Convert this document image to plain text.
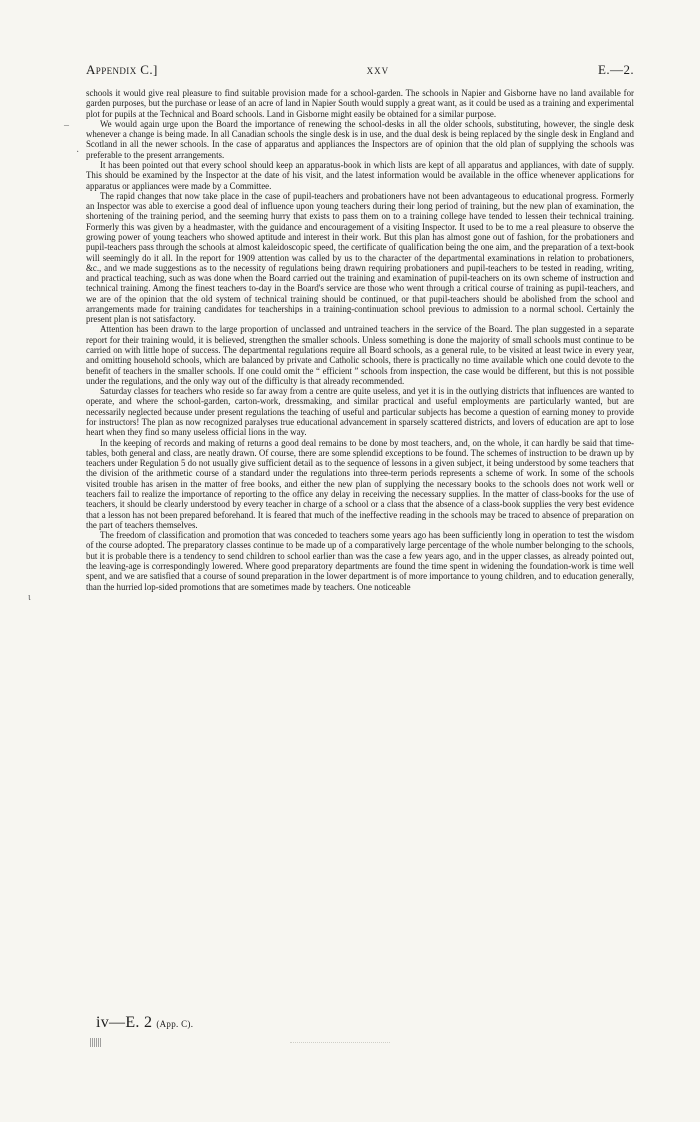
–
·
ι
Appendix C.]	xxv	E.—2.

schools it would give real pleasure to find suitable provision made for a school-garden. The schools in Napier and Gisborne have no land available for garden purposes, but the purchase or lease of an acre of land in Napier South would supply a great want, as it could be used as a training and experimental plot for pupils at the Technical and Board schools. Land in Gisborne might easily be obtained for a similar purpose.

We would again urge upon the Board the importance of renewing the school-desks in all the older schools, substituting, however, the single desk whenever a change is being made. In all Canadian schools the single desk is in use, and the dual desk is being replaced by the single desk in England and Scotland in all the newer schools. In the case of apparatus and appliances the Inspectors are of opinion that the old plan of supplying the schools was preferable to the present arrangements.

It has been pointed out that every school should keep an apparatus-book in which lists are kept of all apparatus and appliances, with date of supply. This should be examined by the Inspector at the date of his visit, and the latest information would be available in the office whenever applications for apparatus or appliances were made by a Committee.

The rapid changes that now take place in the case of pupil-teachers and probationers have not been advantageous to educational progress. Formerly an Inspector was able to exercise a good deal of influence upon young teachers during their long period of training, but the new plan of examination, the shortening of the training period, and the seeming hurry that exists to pass them on to a training college have tended to lessen their technical training. Formerly this was given by a headmaster, with the guidance and encouragement of a visiting Inspector. It used to be to me a real pleasure to observe the growing power of young teachers who showed aptitude and interest in their work. But this plan has almost gone out of fashion, for the probationers and pupil-teachers pass through the schools at almost kaleidoscopic speed, the certificate of qualification being the one aim, and the preparation of a text-book will seemingly do it all. In the report for 1909 attention was called by us to the character of the departmental examinations in relation to probationers, &c., and we made suggestions as to the necessity of regulations being drawn requiring probationers and pupil-teachers to be tested in reading, writing, and practical teaching, such as was done when the Board carried out the training and examination of pupil-teachers on its own scheme of instruction and technical training. Among the finest teachers to-day in the Board's service are those who went through a critical course of training as pupil-teachers, and we are of the opinion that the old system of technical training should be continued, or that pupil-teachers should be abolished from the school and arrangements made for training candidates for teacherships in a training-continuation school previous to admission to a normal school. Certainly the present plan is not satisfactory.

Attention has been drawn to the large proportion of unclassed and untrained teachers in the service of the Board. The plan suggested in a separate report for their training would, it is believed, strengthen the smaller schools. Unless something is done the majority of small schools must continue to be carried on with little hope of success. The departmental regulations require all Board schools, as a general rule, to be visited at least twice in every year, and omitting household schools, which are balanced by private and Catholic schools, there is practically no time available which one could devote to the benefit of teachers in the smaller schools. If one could omit the “ efficient ” schools from inspection, the case would be different, but this is not possible under the regulations, and the only way out of the difficulty is that already recommended.

Saturday classes for teachers who reside so far away from a centre are quite useless, and yet it is in the outlying districts that influences are wanted to operate, and where the school-garden, carton-work, dressmaking, and similar practical and useful employments are particularly wanted, but are necessarily neglected because under present regulations the teaching of useful and particular subjects has become a question of earning money to provide for instructors! The plan as now recognized paralyses true educational advancement in sparsely scattered districts, and lovers of education are apt to lose heart when they find so many useless official lions in the way.

In the keeping of records and making of returns a good deal remains to be done by most teachers, and, on the whole, it can hardly be said that time-tables, both general and class, are neatly drawn. Of course, there are some splendid exceptions to be found. The schemes of instruction to be drawn up by teachers under Regulation 5 do not usually give sufficient detail as to the sequence of lessons in a given subject, it being understood by some teachers that the division of the arithmetic course of a standard under the regulations into three-term periods represents a scheme of work. In some of the schools visited trouble has arisen in the matter of free books, and either the new plan of supplying the necessary books to the schools does not work well or teachers fail to realize the importance of reporting to the office any delay in receiving the necessary supplies. In the matter of class-books for the use of teachers, it should be clearly understood by every teacher in charge of a school or a class that the absence of a class-book supplies the very best evidence that a lesson has not been prepared beforehand. It is feared that much of the ineffective reading in the schools may be traced to absence of preparation on the part of teachers themselves.

The freedom of classification and promotion that was conceded to teachers some years ago has been sufficiently long in operation to test the wisdom of the course adopted. The preparatory classes continue to be made up of a comparatively large percentage of the whole number belonging to the schools, but it is probable there is a tendency to send children to school earlier than was the case a few years ago, and in the upper classes, as already pointed out, the leaving-age is correspondingly lowered. Where good preparatory departments are found the time spent in widening the foundation-work is time well spent, and we are satisfied that a course of sound preparation in the lower department is of more importance to young children, and to education generally, than the hurried lop-sided promotions that are sometimes made by teachers. One noticeable

iv—E. 2 (App. C).
